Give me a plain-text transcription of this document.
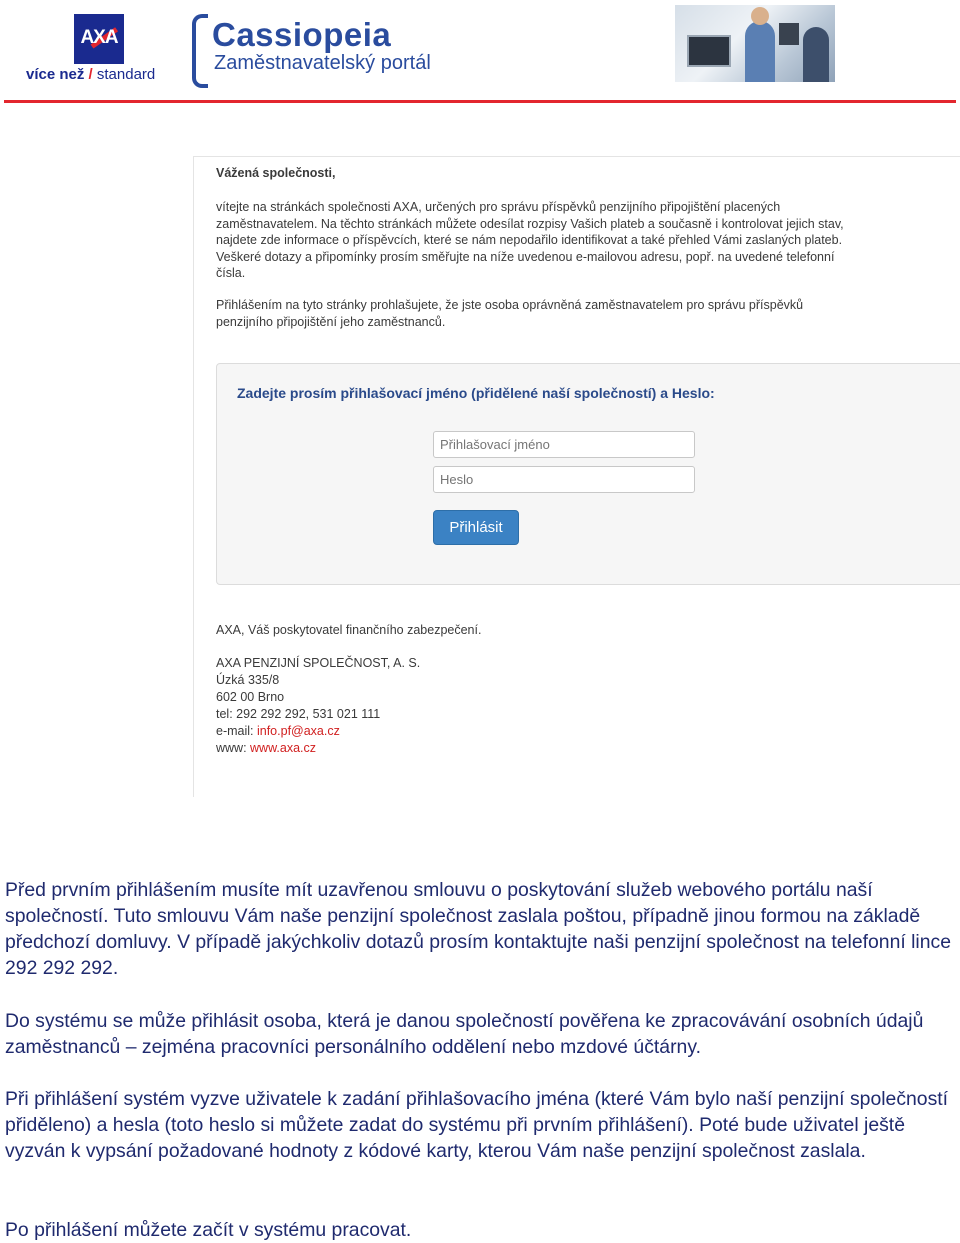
AXA
více než / standard
Cassiopeia
Zaměstnavatelský portál
Vážená společnosti,
vítejte na stránkách společnosti AXA, určených pro správu příspěvků penzijního připojištění placených zaměstnavatelem. Na těchto stránkách můžete odesílat rozpisy Vašich plateb a současně i kontrolovat jejich stav, najdete zde informace o příspěvcích, které se nám nepodařilo identifikovat a také přehled Vámi zaslaných plateb. Veškeré dotazy a připomínky prosím směřujte na níže uvedenou e-mailovou adresu, popř. na uvedené telefonní čísla.
Přihlášením na tyto stránky prohlašujete, že jste osoba oprávněná zaměstnavatelem pro správu příspěvků penzijního připojištění jeho zaměstnanců.
Zadejte prosím přihlašovací jméno (přidělené naší společností) a Heslo:
Přihlašovací jméno
Přihlásit
AXA, Váš poskytovatel finančního zabezpečení.
AXA PENZIJNÍ SPOLEČNOST, A. S.
Úzká 335/8
602 00 Brno
tel: 292 292 292, 531 021 111
e-mail: info.pf@axa.cz
www: www.axa.cz
Před prvním přihlášením musíte mít uzavřenou smlouvu o poskytování služeb webového portálu naší společností. Tuto smlouvu Vám naše penzijní společnost zaslala poštou, případně jinou formou na základě předchozí domluvy. V případě jakýchkoliv dotazů prosím kontaktujte naši penzijní společnost na telefonní lince 292 292 292.
Do systému se může přihlásit osoba, která je danou společností pověřena ke zpracovávání osobních údajů zaměstnanců – zejména pracovníci personálního oddělení nebo mzdové účtárny.
Při přihlášení systém vyzve uživatele k zadání přihlašovacího jména (které Vám bylo naší penzijní společností přiděleno) a hesla (toto heslo si můžete zadat do systému při prvním přihlášení). Poté bude uživatel ještě vyzván k vypsání požadované hodnoty z kódové karty, kterou Vám naše penzijní společnost zaslala.
Po přihlášení můžete začít v systému pracovat.
